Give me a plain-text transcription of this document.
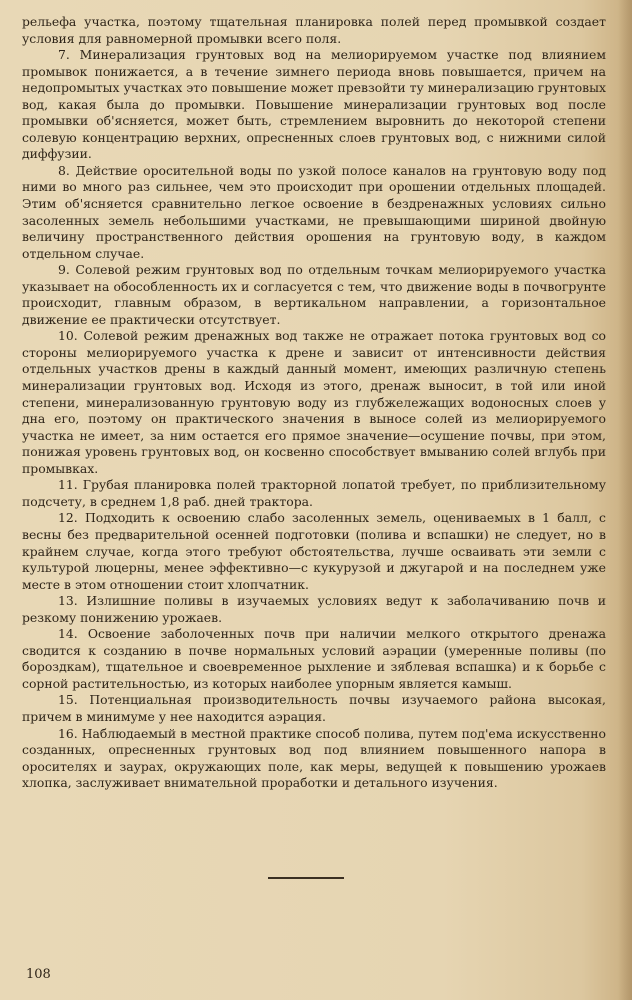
рельефа участка, поэтому тщательная планировка полей перед промывкой создает условия для равномерной промывки всего поля.

7. Минерализация грунтовых вод на мелиорируемом участке под влиянием промывок понижается, а в течение зимнего периода вновь повышается, причем на недопромытых участках это повышение может превзойти ту минерализацию грунтовых вод, какая была до промывки. Повышение минерализации грунтовых вод после промывки об'ясняется, может быть, стремлением выровнить до некоторой степени солевую концентрацию верхних, опресненных слоев грунтовых вод, с нижними силой диффузии.

8. Действие оросительной воды по узкой полосе каналов на грунтовую воду под ними во много раз сильнее, чем это происходит при орошении отдельных площадей. Этим об'ясняется сравнительно легкое освоение в бездренажных условиях сильно засоленных земель небольшими участками, не превышающими шириной двойную величину пространственного действия орошения на грунтовую воду, в каждом отдельном случае.

9. Солевой режим грунтовых вод по отдельным точкам мелиорируемого участка указывает на обособленность их и согласуется с тем, что движение воды в почвогрунте происходит, главным образом, в вертикальном направлении, а горизонтальное движение ее практически отсутствует.

10. Солевой режим дренажных вод также не отражает потока грунтовых вод со стороны мелиорируемого участка к дрене и зависит от интенсивности действия отдельных участков дрены в каждый данный момент, имеющих различную степень минерализации грунтовых вод. Исходя из этого, дренаж выносит, в той или иной степени, минерализованную грунтовую воду из глубжележащих водоносных слоев у дна его, поэтому он практического значения в выносе солей из мелиорируемого участка не имеет, за ним остается его прямое значение—осушение почвы, при этом, понижая уровень грунтовых вод, он косвенно способствует вмыванию солей вглубь при промывках.

11. Грубая планировка полей тракторной лопатой требует, по приблизительному подсчету, в среднем 1,8 раб. дней трактора.

12. Подходить к освоению слабо засоленных земель, оцениваемых в 1 балл, с весны без предварительной осенней подготовки (полива и вспашки) не следует, но в крайнем случае, когда этого требуют обстоятельства, лучше осваивать эти земли с культурой люцерны, менее эффективно—с кукурузой и джугарой и на последнем уже месте в этом отношении стоит хлопчатник.

13. Излишние поливы в изучаемых условиях ведут к заболачиванию почв и резкому понижению урожаев.

14. Освоение заболоченных почв при наличии мелкого открытого дренажа сводится к созданию в почве нормальных условий аэрации (умеренные поливы (по бороздкам), тщательное и своевременное рыхление и зяблевая вспашка) и к борьбе с сорной растительностью, из которых наиболее упорным является камыш.

15. Потенциальная производительность почвы изучаемого района высокая, причем в минимуме у нее находится аэрация.

16. Наблюдаемый в местной практике способ полива, путем под'ема искусственно созданных, опресненных грунтовых вод под влиянием повышенного напора в оросителях и заурах, окружающих поле, как меры, ведущей к повышению урожаев хлопка, заслуживает внимательной проработки и детального изучения.

108
